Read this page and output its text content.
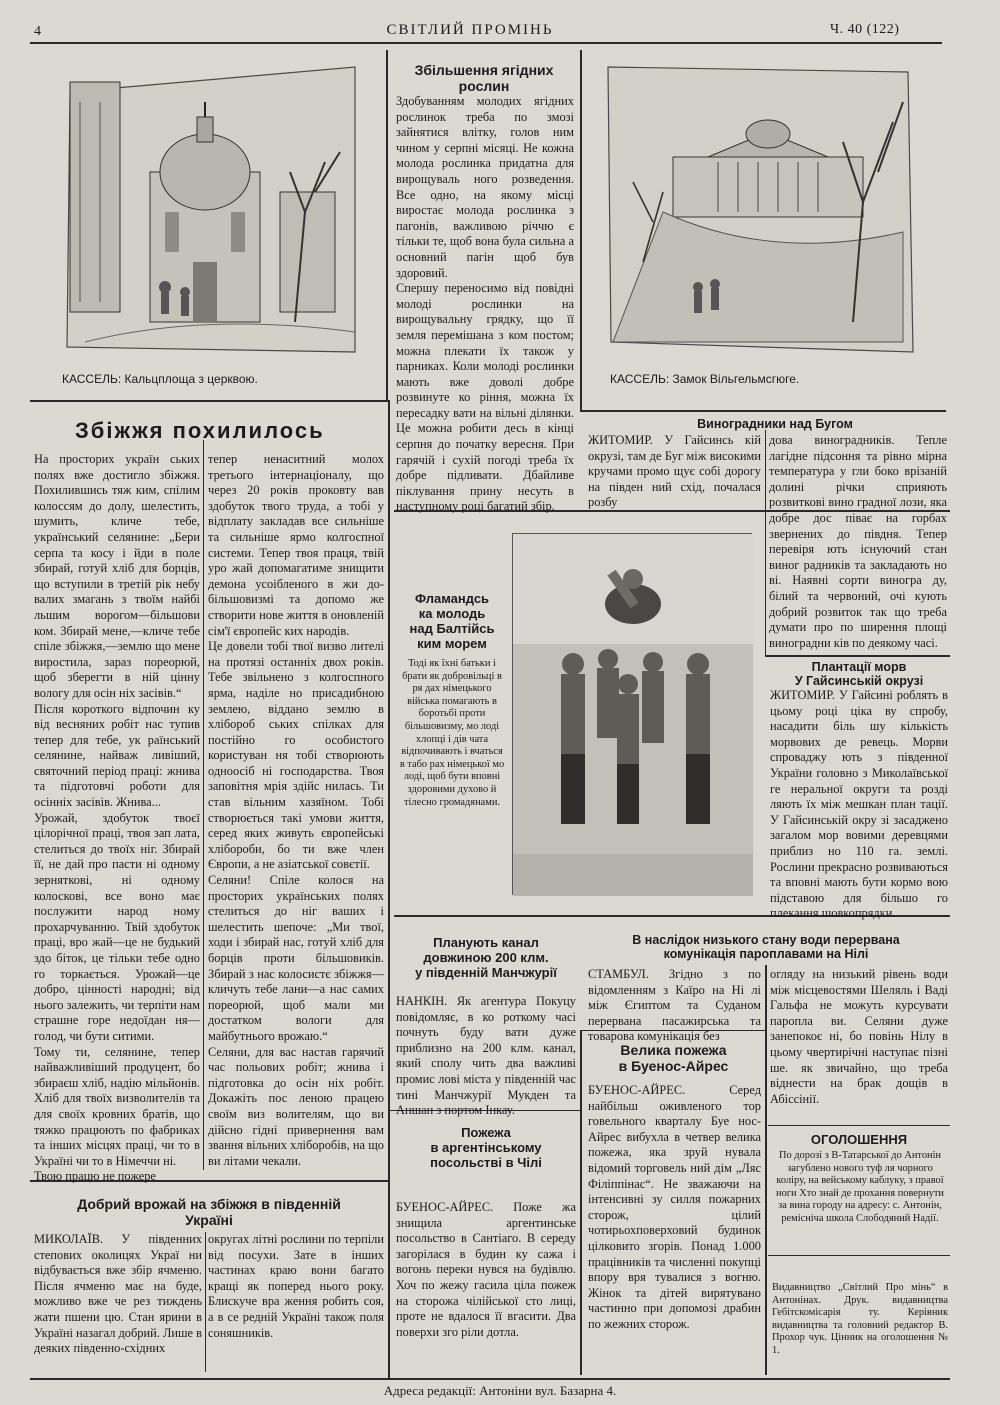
4	СВІТЛИЙ ПРОМІНЬ	Ч. 40 (122)
КАССЕЛЬ: Кальцплоща з церквою.	КАССЕЛЬ: Замок Вільгельмсгюге.
Збільшення ягідних
рослин
Здобуванням молодих ягідних рослинок треба по змозі зайнятися влітку, голов ним чином у серпні місяці. Не кожна молода рослинка придатна для вирощуваль ного розведення. Все одно, на якому місці виростає молода рослинка з пагонів, важливою річчю є тільки те, щоб вона була сильна а основний пагін щоб був здоровий.
Спершу переносимо від повідні молоді рослинки на вирощувальну грядку, що її земля перемішана з ком постом; можна плекати їх також у парниках. Коли молоді рослинки мають вже доволі добре розвинуте ко ріння, можна їх пересадку вати на вільні ділянки. Це можна робити десь в кінці серпня до початку вересня. При гарячій і сухій погоді треба їх добре підливати. Дбайливе піклування прину несуть в наступному році багатий збір.
Збіжжя похилилось
На просторих україн ських полях вже достигло збіжжя. Похилившись тяж ким, спілим колоссям до долу, шелестить, шумить, кличе тебе, український селянине: „Бери серпа та косу і йди в поле збирай, готуй хліб для борців, що вступили в третій рік небу валих змагань з твоїм найбі льшим ворогом—більшови ком. Збирай мене,—кличе тебе спіле збіжжя,—землю що мене виростила, зараз пореорюй, щоб зберегти в ній цінну вологу для осін ніх засівів.“
Після короткого відпочин ку від весняних робіт нас тупив тепер для тебе, ук раїнський селянине, найваж ливіший, святочний період праці: жнива та підготовчі роботи для осінніх засівів. Жнива...
Урожай, здобуток твоєї цілорічної праці, твоя зап лата, стелиться до твоїх ніг. Збирай її, не дай про пасти ні одному зерняткові, ні одному колоскові, все воно має послужити народ ному прохарчуванню. Твій здобуток праці, вро жай—це не будький здо біток, це тільки тебе одно го торкається. Урожай—це добро, цінності народні; від нього залежить, чи терпіти нам страшне горе недоїдан ня—голод, чи бути ситими.
Тому ти, селянине, тепер найважливіший продуцент, бо збираєш хліб, надію мільйонів. Хліб для твоїх визволителів та для своїх кровних братів, що тяжко працюють по фабриках та інших місцях праці, чи то в Україні чи то в Німеччи ні.
Твою працю не пожере
тепер ненаситний молох третього інтернаціоналу, що через 20 років проковту вав здобуток твого труда, а тобі у відплату закладав все сильніше та сильніше ярмо колгоспної системи. Тепер твоя праця, твій уро жай допомагатиме знищити демона усоібленого в жи до-більшовизмі та допомо же створити нове життя в оновленій сім'ї європейс ких народів.
Це довели тобі твої визво лителі на протязі останніх двох років. Тебе звільнено з колгоспного ярма, наділе но присадибною землею, віддано землю в хлібороб ських спілках для постійно го особистого користуван ня тобі створюють одноосіб ні господарства. Твоя заповітня мрія здійс нилась. Ти став вільним хазяїном. Тобі створюється такі умови життя, серед яких живуть європейські хлібороби, бо ти вже член Європи, а не азіатської совєтії.
Селяни! Спіле колося на просторих українських полях стелиться до ніг ваших і шелестить шепоче: „Ми твої, ходи і збирай нас, готуй хліб для борців проти більшовиків. Збирай з нас колосистє збіжжя—кличуть тебе лани—а нас самих пореорюй, щоб мали ми достатком вологи для майбутнього врожаю.“
Селяни, для вас настав гарячий час польових робіт; жнива і підготовка до осін ніх робіт. Докажіть пос леною працею своїм виз волителям, що ви дійсно гідні привернення вам звання вільних хліборобів, на що ви літами чекали.
Виноградники над Бугом
ЖИТОМИР. У Гайсинсь кій окрузі, там де Буг між високими кручами промо щує собі дорогу на півден ний схід, почалася розбу
дова виноградників. Тепле лагідне підсоння та рівно мірна температура у гли боко врізаній долині річки сприяють розвиткові вино градної лози, яка добре дос піває на горбах звернених до півдня. Тепер перевіря ють існуючий стан виног радників та закладають но ві. Наявні сорти виногра ду, білий та червоний, очі кують добрий розвиток так що треба думати про по ширення площі виноградни ків по деякому часі.
Фламандсь
ка молодь
над Балтійсь
ким морем
Тоді як їхні батьки і брати як добровільці в ря дах німецького війська помагають в боротьбі проти більшовизму, мо лоді хлопці і дів чата відпочивають і вчаться в табо рах німецької мо лоді, щоб бути вповні здоровими духово й тілесно громадянами.
Плантації морв
У Гайсинській окрузі
ЖИТОМИР. У Гайсині роблять в цьому році ціка ву спробу, насадити біль шу кількість морвових де ревець. Морви спроваджу ють з південної України головно з Миколаївської ге неральної округи та розді ляють їх між мешкан план тації. У Гайсинській окру зі засаджено загалом мор вовими деревцями приблиз но 110 га. землі. Рослини прекрасно розвиваються та вповні мають бути кормо вою підставою для більшо го плекання шовкопрядки.
Добрий врожай на збіжжя в південній
Україні
МИКОЛАЇВ. У південних степових околицях Украї ни відбувається вже збір ячменю. Після ячменю має на буде, можливо вже че рез тиждень жати пшени цю. Стан ярини в Україні назагал добрий. Лише в деяких південно-східних
округах літні рослини по терпіли від посухи. Зате в інших частинах краю вони багато кращі як поперед нього року. Блискуче вра ження робить соя, а в се редній Україні також поля соняшників.
Планують канал
довжиною 200 клм.
у південній Манчжурії
НАНКІН. Як агентура Покуцу повідомляє, в ко роткому часі почнуть буду вати дуже приблизно на 200 клм. канал, який сполу чить два важливі промис лові міста у південній час тині Манчжурії Мукден та Аншан з портом Інкау.
Пожежа
в аргентінському
посольстві в Чілі
БУЕНОС-АЙРЕС. Поже жа знищила аргентинське посольство в Сантіаго. В середу загорілася в будин ку сажа і вогонь переки нувся на будівлю. Хоч по жежу гасила ціла пожеж на сторожа чілійської сто лиці, проте не вдалося її вгасити. Два поверхи зго ріли дотла.
В наслідок низького стану води перервана
комунікація пароплавами на Нілі
СТАМБУЛ. Згідно з по відомленням з Каїро на Ні лі між Єгиптом та Суданом перервана пасажирська та товарова комунікація без
огляду на низький рівень води між місцевостями Шеляль і Ваді Гальфа не можуть курсувати паропла ви. Селяни дуже занепокоє ні, бо повінь Нілу в цьому чвертирічні наступає пізні ше. як звичайно, що треба віднести на брак дощів в Абіссінії.
Велика пожежа
в Буенос-Айрес
БУЕНОС-АЙРЕС. Серед найбільш оживленого тор говельного кварталу Буе нос-Айрес вибухла в четвер велика пожежа, яка зруй нувала відомий торговель ний дім „Ляс Філіппінас“. Не зважаючи на інтенсивні зу силля пожарних сторож, цілий чотирьохповерховий будинок цілковито згорів. Понад 1.000 працівників та численні покупці впору вря тувалися з вогню. Жінок та дітей вирятувано частинно при допомозі драбин по жежних сторож.
ОГОЛОШЕННЯ
По дорозі з В-Татарської до Антонін загублено нового туф ля чорного коліру, на вейському каблуку, з правої ноги Хто знай де прохання повернути за вина городу на адресу: с. Антонін, ремісніча школа Слободяний Надії.
Видавництво „Світлий Про мінь“ в Антонінах. Друк. видавництва Гебітскомісарія ту. Керівник видавництва та головний редактор В. Прохор чук. Цінник на оголошення № 1.
Адреса редакції: Антоніни вул. Базарна 4.
